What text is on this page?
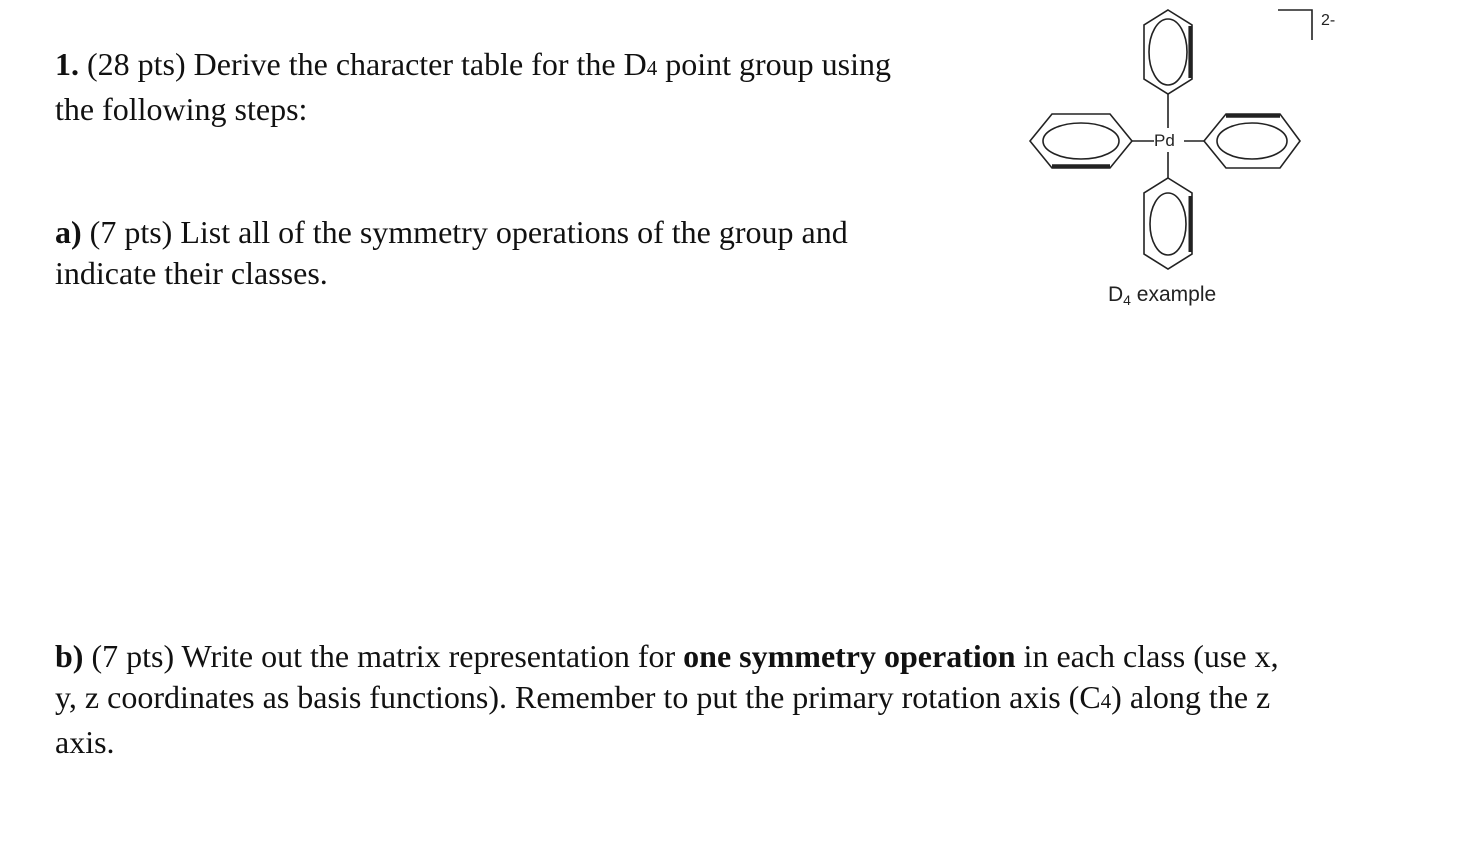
1. (28 pts) Derive the character table for the D4 point group using
the following steps:
a) (7 pts) List all of the symmetry operations of the group and
indicate their classes.
b) (7 pts) Write out the matrix representation for one symmetry operation in each class (use x,
y, z coordinates as basis functions). Remember to put the primary rotation axis (C4) along the z
axis.
Pd
2-
D4 example
